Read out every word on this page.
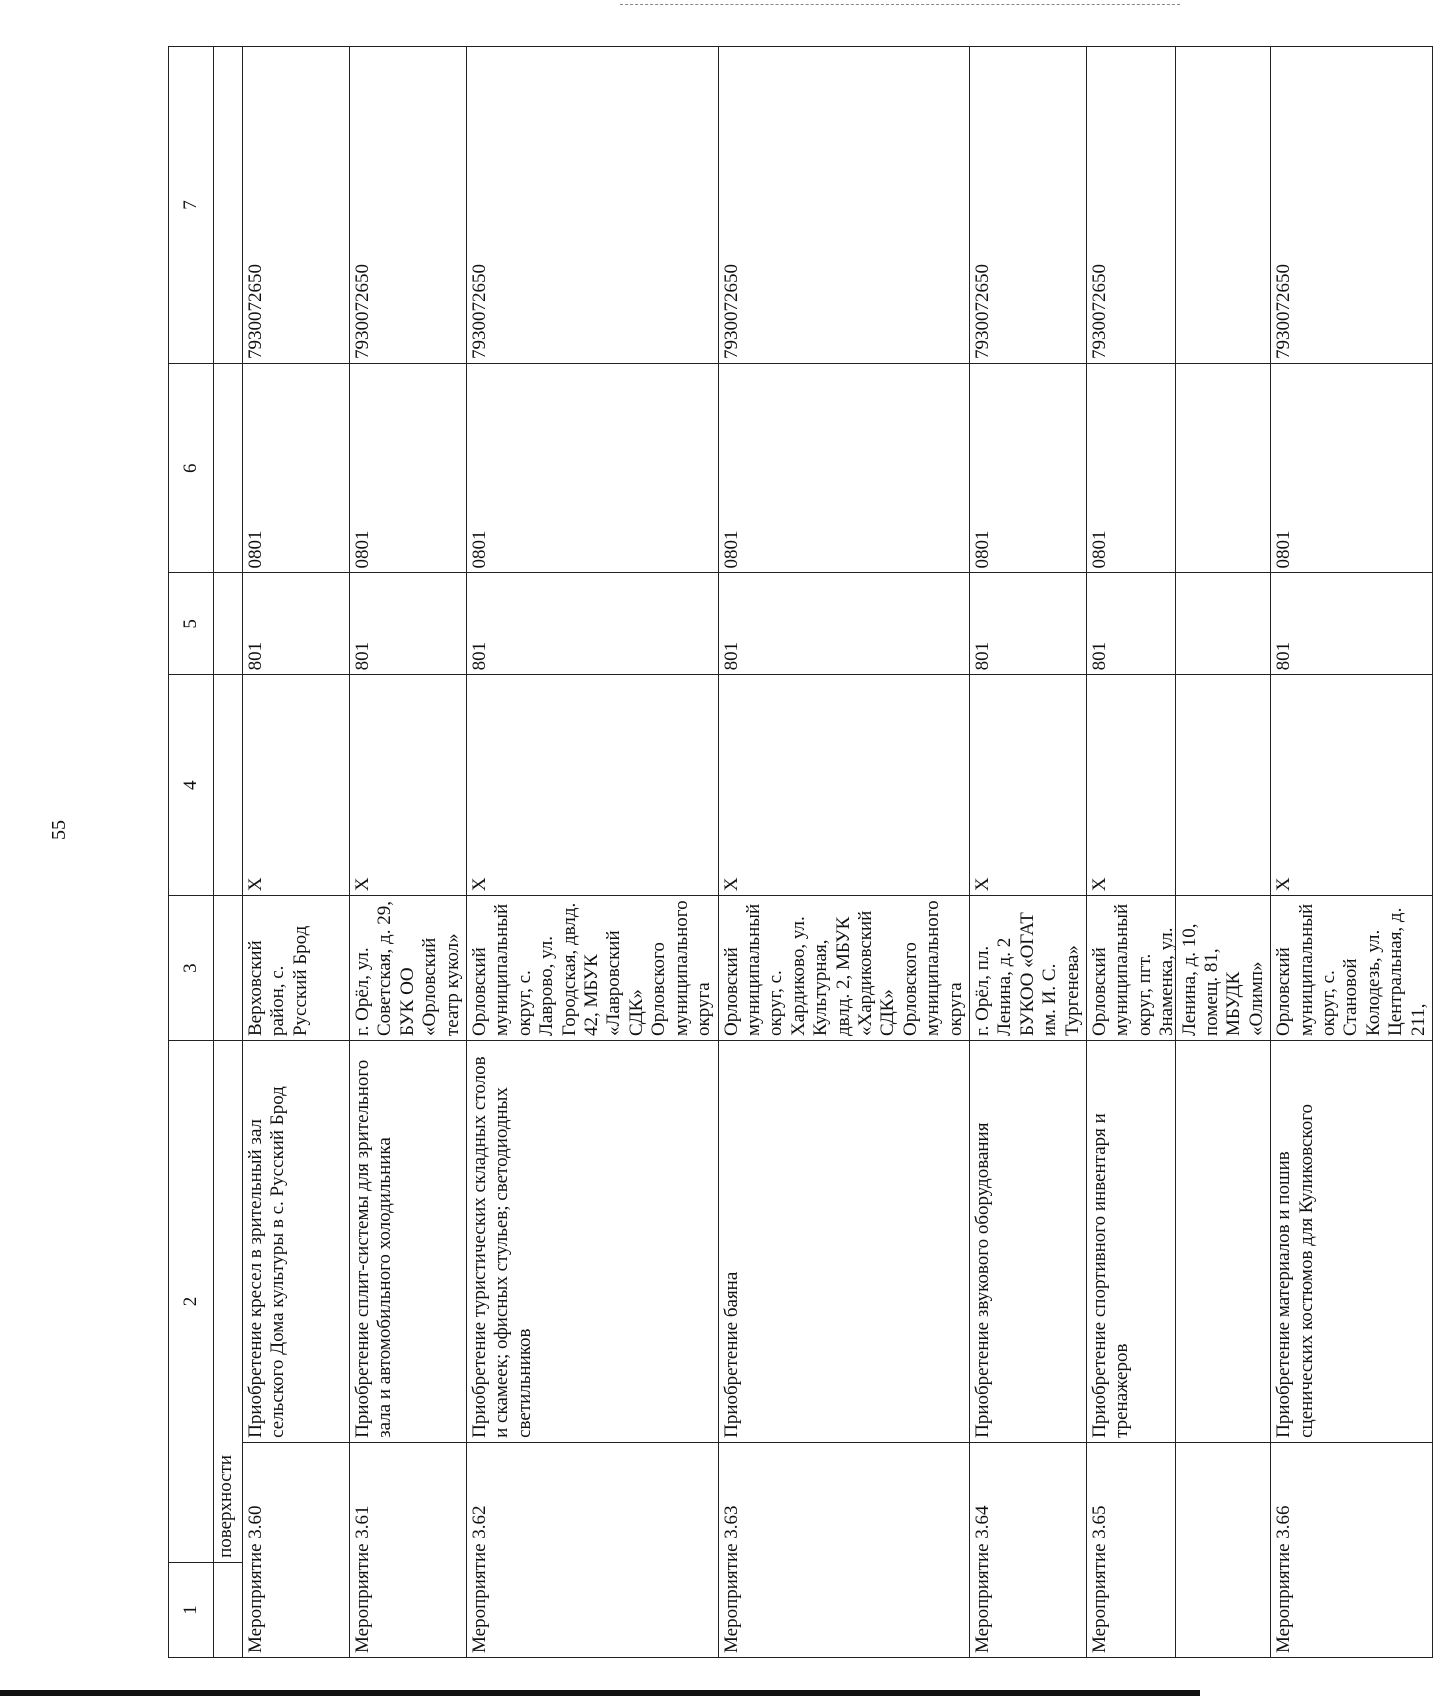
55
1	2		3	4	5	6	7
	поверхности						
Мероприятие 3.60		Приобретение кресел в зрительный зал сельского Дома культуры в с. Русский Брод	Верховский район, с. Русский Брод	Х	801	0801	7930072650
Мероприятие 3.61		Приобретение сплит-системы для зрительного зала и автомобильного холодильника	г. Орёл, ул. Советская, д. 29, БУК ОО «Орловский театр кукол»	Х	801	0801	7930072650
Мероприятие 3.62		Приобретение туристических складных столов и скамеек; офисных стульев; светодиодных светильников	Орловский муниципальный округ, с. Лаврово, ул. Городская, двлд. 42, МБУК «Лавровский СДК» Орловского муниципального округа	Х	801	0801	7930072650
Мероприятие 3.63		Приобретение баяна	Орловский муниципальный округ, с. Хардиково, ул. Культурная, двлд. 2, МБУК «Хардиковский СДК» Орловского муниципального округа	Х	801	0801	7930072650
Мероприятие 3.64		Приобретение звукового оборудования	г. Орёл, пл. Ленина, д. 2 БУКОО «ОГАТ им. И. С. Тургенева»	Х	801	0801	7930072650
Мероприятие 3.65		Приобретение спортивного инвентаря и тренажеров	Орловский муниципальный округ, пгт. Знаменка, ул. Ленина, д. 10, помещ. 81, МБУДК «Олимп»	Х	801	0801	7930072650
Мероприятие 3.66		Приобретение материалов и пошив сценических костюмов для Куликовского	Орловский муниципальный округ, с. Становой Колодезь, ул. Центральная, д. 211,	Х	801	0801	7930072650
